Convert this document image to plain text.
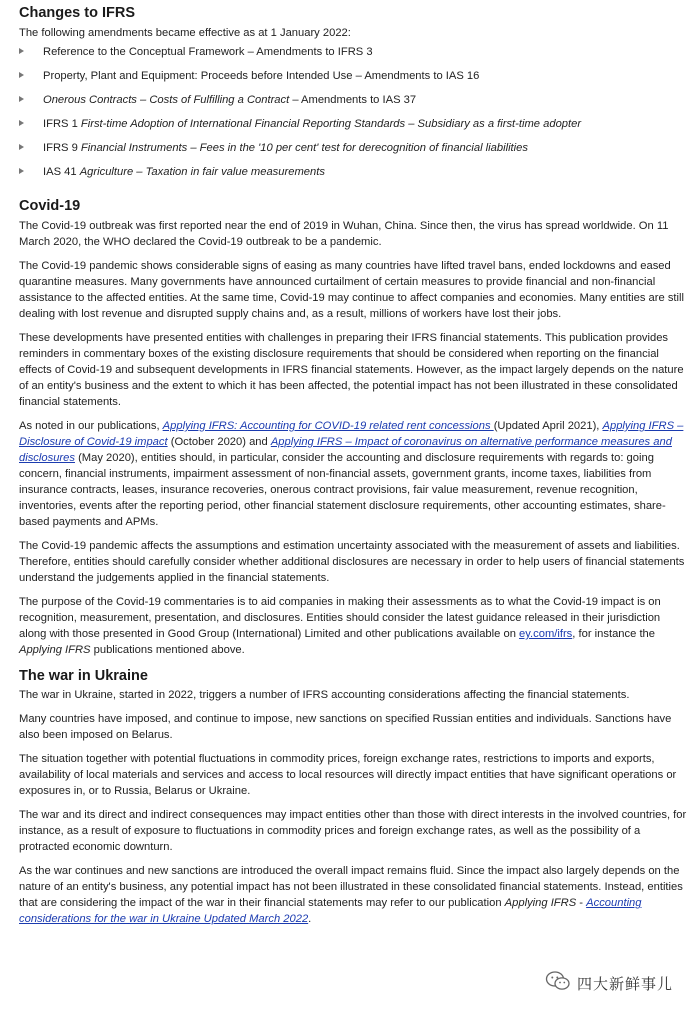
Changes to IFRS

The following amendments became effective as at 1 January 2022:

Reference to the Conceptual Framework – Amendments to IFRS 3
Property, Plant and Equipment: Proceeds before Intended Use – Amendments to IAS 16
Onerous Contracts – Costs of Fulfilling a Contract – Amendments to IAS 37
IFRS 1 First-time Adoption of International Financial Reporting Standards – Subsidiary as a first-time adopter
IFRS 9 Financial Instruments – Fees in the '10 per cent' test for derecognition of financial liabilities
IAS 41 Agriculture – Taxation in fair value measurements
Covid-19

The Covid-19 outbreak was first reported near the end of 2019 in Wuhan, China. Since then, the virus has spread worldwide. On 11 March 2020, the WHO declared the Covid-19 outbreak to be a pandemic.

The Covid-19 pandemic shows considerable signs of easing as many countries have lifted travel bans, ended lockdowns and eased quarantine measures. Many governments have announced curtailment of certain measures to provide financial and non-financial assistance to the affected entities. At the same time, Covid-19 may continue to affect companies and economies. Many entities are still dealing with lost revenue and disrupted supply chains and, as a result, millions of workers have lost their jobs.

These developments have presented entities with challenges in preparing their IFRS financial statements. This publication provides reminders in commentary boxes of the existing disclosure requirements that should be considered when reporting on the financial effects of Covid-19 and subsequent developments in IFRS financial statements. However, as the impact largely depends on the nature of an entity's business and the extent to which it has been affected, the potential impact has not been illustrated in these consolidated financial statements.

As noted in our publications, Applying IFRS: Accounting for COVID-19 related rent concessions (Updated April 2021), Applying IFRS – Disclosure of Covid-19 impact (October 2020) and Applying IFRS – Impact of coronavirus on alternative performance measures and disclosures (May 2020), entities should, in particular, consider the accounting and disclosure requirements with regards to: going concern, financial instruments, impairment assessment of non-financial assets, government grants, income taxes, liabilities from insurance contracts, leases, insurance recoveries, onerous contract provisions, fair value measurement, revenue recognition, inventories, events after the reporting period, other financial statement disclosure requirements, other accounting estimates, share-based payments and APMs.

The Covid-19 pandemic affects the assumptions and estimation uncertainty associated with the measurement of assets and liabilities. Therefore, entities should carefully consider whether additional disclosures are necessary in order to help users of financial statements understand the judgements applied in the financial statements.

The purpose of the Covid-19 commentaries is to aid companies in making their assessments as to what the Covid-19 impact is on recognition, measurement, presentation, and disclosures. Entities should consider the latest guidance released in their jurisdiction along with those presented in Good Group (International) Limited and other publications available on ey.com/ifrs, for instance the Applying IFRS publications mentioned above.

The war in Ukraine

The war in Ukraine, started in 2022, triggers a number of IFRS accounting considerations affecting the financial statements.

Many countries have imposed, and continue to impose, new sanctions on specified Russian entities and individuals. Sanctions have also been imposed on Belarus.

The situation together with potential fluctuations in commodity prices, foreign exchange rates, restrictions to imports and exports, availability of local materials and services and access to local resources will directly impact entities that have significant operations or exposures in, or to Russia, Belarus or Ukraine.

The war and its direct and indirect consequences may impact entities other than those with direct interests in the involved countries, for instance, as a result of exposure to fluctuations in commodity prices and foreign exchange rates, as well as the possibility of a protracted economic downturn.

As the war continues and new sanctions are introduced the overall impact remains fluid. Since the impact also largely depends on the nature of an entity's business, any potential impact has not been illustrated in these consolidated financial statements. Instead, entities that are considering the impact of the war in their financial statements may refer to our publication Applying IFRS - Accounting considerations for the war in Ukraine Updated March 2022.

四大新鲜事儿
